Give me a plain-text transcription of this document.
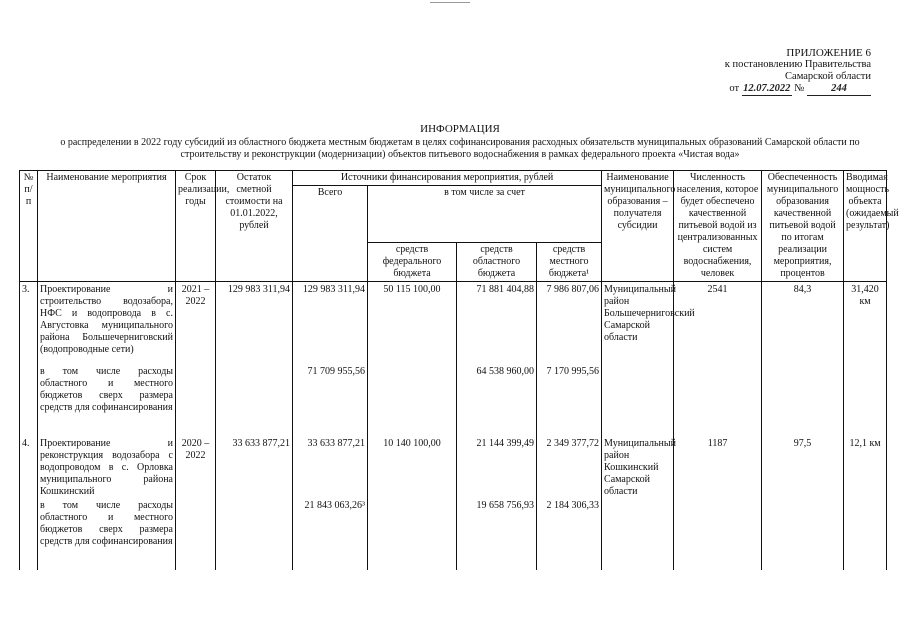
ПРИЛОЖЕНИЕ 6
к постановлению Правительства
Самарской области
от 12.07.2022 №	244
ИНФОРМАЦИЯ
о распределении в 2022 году субсидий из областного бюджета местным бюджетам в целях софинансирования расходных обязательств муниципальных образований Самарской области по строительству и реконструкции (модернизации) объектов питьевого водоснабжения в рамках федерального проекта «Чистая вода»
№ п/п	Наименование мероприятия	Срок реализации, годы	Остаток сметной стоимости на 01.01.2022, рублей	Источники финансирования мероприятия, рублей				Наименование муниципального образования – получателя субсидии	Численность населения, которое будет обеспечено качественной питьевой водой из централизованных систем водоснабжения, человек	Обеспеченность муниципального образования качественной питьевой водой по итогам реализации мероприятия, процентов	Вводимая мощность объекта (ожидаемый результат)
				Всего	в том числе за счет						
					средств федерального бюджета	средств областного бюджета	средств местного бюджета¹				
3.	Проектирование и строительство водозабора, НФС и водопровода в с. Августовка муниципального района Большечерниговский (водопроводные сети)	2021 – 2022	129 983 311,94	129 983 311,94	50 115 100,00	71 881 404,88	7 986 807,06	Муниципальный район Большечерниговский Самарской области	2541	84,3	31,420 км
	в том числе расходы областного и местного бюджетов сверх размера средств для софинансирования			71 709 955,56		64 538 960,00	7 170 995,56				
4.	Проектирование и реконструкция водозабора с водопроводом в с. Орловка муниципального района Кошкинский	2020 – 2022	33 633 877,21	33 633 877,21	10 140 100,00	21 144 399,49	2 349 377,72	Муниципальный район Кошкинский Самарской области	1187	97,5	12,1 км
	в том числе расходы областного и местного бюджетов сверх размера средств для софинансирования			21 843 063,26³		19 658 756,93	2 184 306,33				
